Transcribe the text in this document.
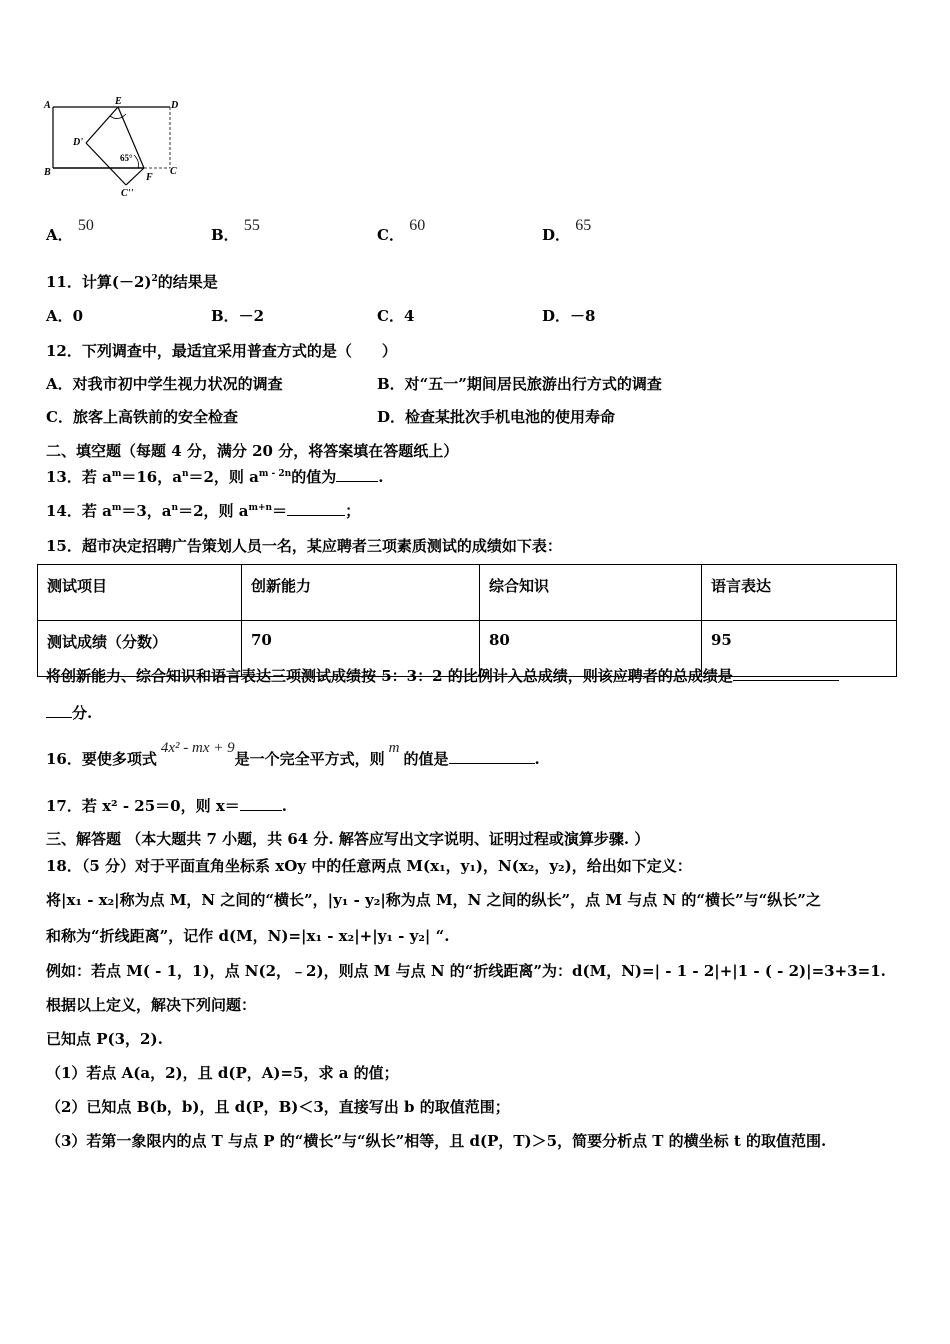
A	E	D
D'
65°
B	F
C
C''
A． 50
B． 55
C． 60
D． 65
11．计算$(-2)^2$的结果是
A．0	B．－2	C．4	D．－8
12．下列调查中，最适宜采用普查方式的是（　　）
A．对我市初中学生视力状况的调查	B．对“五一”期间居民旅游出行方式的调查
C．旅客上高铁前的安全检查	D．检查某批次手机电池的使用寿命
二、填空题（每题 4 分，满分 20 分，将答案填在答题纸上）
13．若 $a^m=16$，$a^n=2$，则 $a^{m - 2n}$的值为	.
14．若 $a^m=3$，$a^n=2$，则 $a^{m+n}=$	；
15．超市决定招聘广告策划人员一名，某应聘者三项素质测试的成绩如下表：
测试项目	创新能力	综合知识	语言表达
测试成绩（分数）	70	80	95
将创新能力、综合知识和语言表达三项测试成绩按 5：3：2 的比例计入总成绩，则该应聘者的总成绩是
分.
16．要使多项式4x² - mx + 9是一个完全平方式，则m的值是	.
17．若 x² - 25＝0，则 x＝	.
三、解答题 （本大题共 7 小题，共 64 分. 解答应写出文字说明、证明过程或演算步骤. ）
18．（5 分）对于平面直角坐标系 xOy 中的任意两点 M(x₁，y₁)，N(x₂，y₂)，给出如下定义：
将|x₁ - x₂|称为点 M，N 之间的“横长”，|y₁ - y₂|称为点 M，N 之间的纵长”，点 M 与点 N 的“横长”与“纵长”之
和称为“折线距离”，记作 d(M，N)=|x₁ - x₂|+|y₁ - y₂| “.
例如：若点 M( - 1，1)，点 N(2，﹣2)，则点 M 与点 N 的“折线距离”为：d(M，N)=| - 1 - 2|+|1 - ( - 2)|=3+3=1.
根据以上定义，解决下列问题：
已知点 P(3，2).
（1）若点 A(a，2)，且 d(P，A)=5，求 a 的值；
（2）已知点 B(b，b)，且 d(P，B)＜3，直接写出 b 的取值范围；
（3）若第一象限内的点 T 与点 P 的“横长”与“纵长”相等，且 d(P，T)＞5，简要分析点 T 的横坐标 t 的取值范围.
